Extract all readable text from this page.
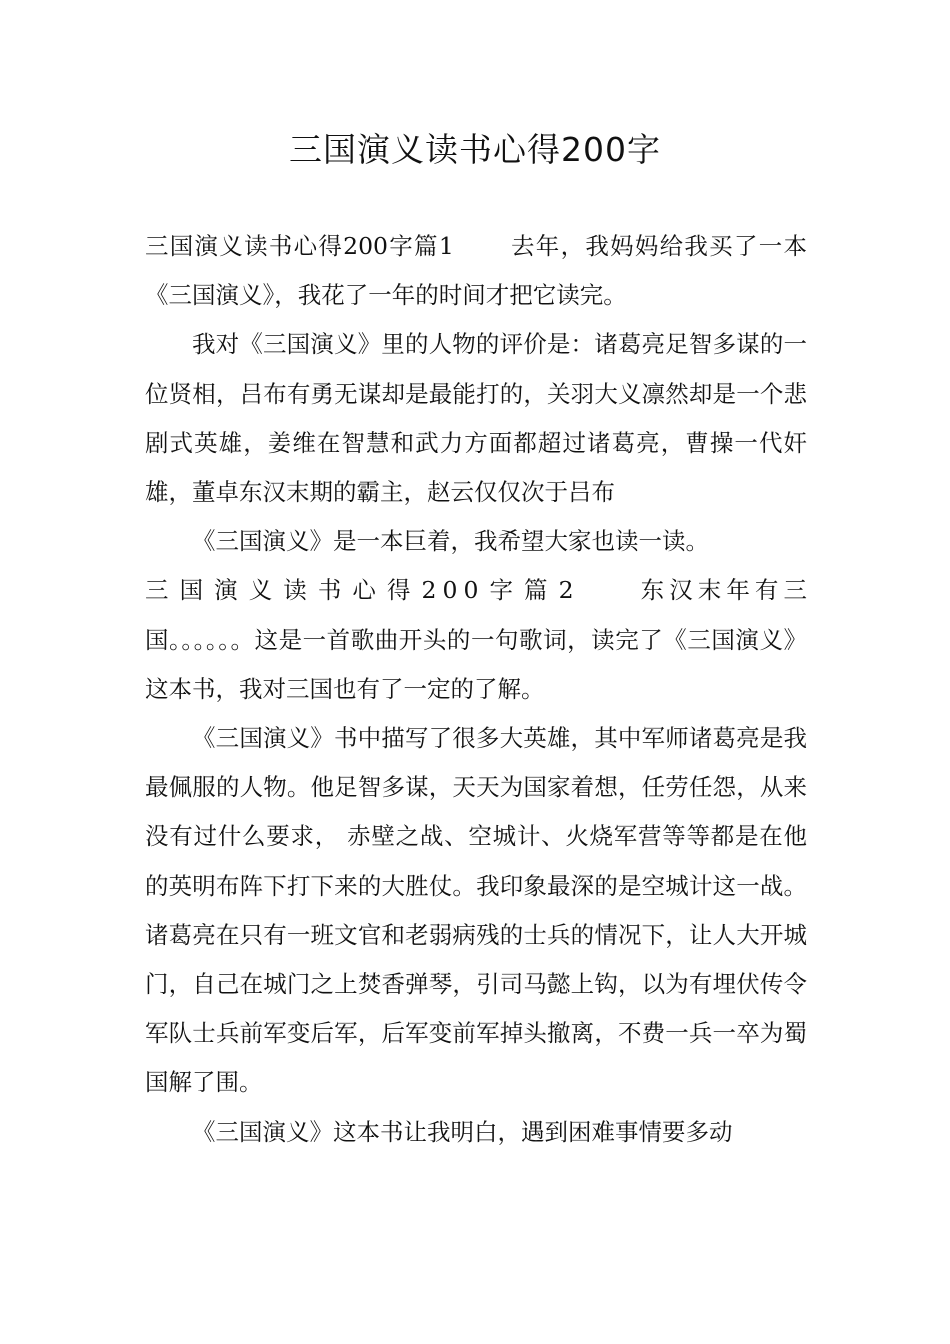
三国演义读书心得200字

三国演义读书心得200字篇1 去年，我妈妈给我买了一本《三国演义》，我花了一年的时间才把它读完。

我对《三国演义》里的人物的评价是：诸葛亮足智多谋的一位贤相，吕布有勇无谋却是最能打的，关羽大义凛然却是一个悲剧式英雄，姜维在智慧和武力方面都超过诸葛亮，曹操一代奸雄，董卓东汉末期的霸主，赵云仅仅次于吕布

《三国演义》是一本巨着，我希望大家也读一读。

三国演义读书心得200字篇2 东汉末年有三国。。。。。。这是一首歌曲开头的一句歌词，读完了《三国演义》这本书，我对三国也有了一定的了解。

《三国演义》书中描写了很多大英雄，其中军师诸葛亮是我最佩服的人物。他足智多谋，天天为国家着想，任劳任怨，从来没有过什么要求， 赤壁之战、空城计、火烧军营等等都是在他的英明布阵下打下来的大胜仗。我印象最深的是空城计这一战。诸葛亮在只有一班文官和老弱病残的士兵的情况下，让人大开城门，自己在城门之上焚香弹琴，引司马懿上钩，以为有埋伏传令军队士兵前军变后军，后军变前军掉头撤离，不费一兵一卒为蜀国解了围。

《三国演义》这本书让我明白，遇到困难事情要多动
